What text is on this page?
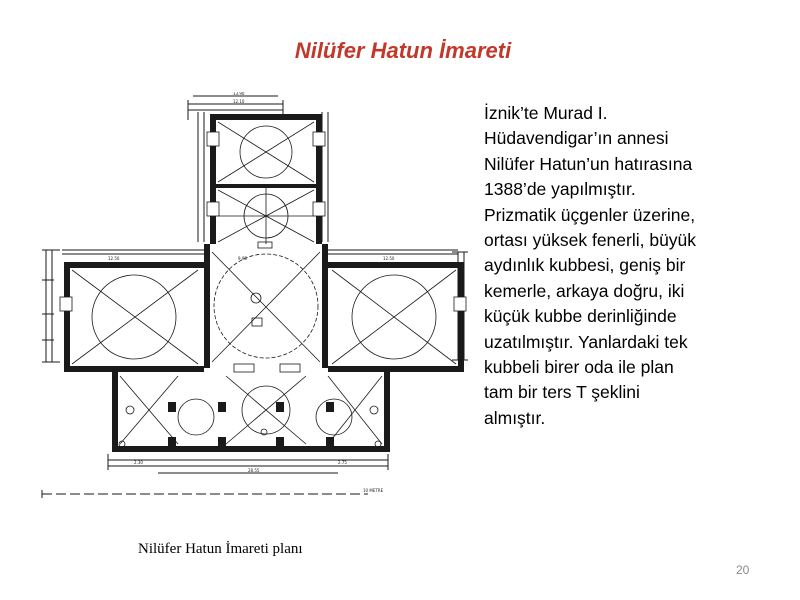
Nilüfer Hatun İmareti
13.90
12.10
9.95
12.50	12.50
28.55
2.30	2.75
10 METRE
İznik’te Murad I.
Hüdavendigar’ın annesi
Nilüfer Hatun’un hatırasına
1388’de yapılmıştır.
Prizmatik üçgenler üzerine,
ortası yüksek fenerli, büyük
aydınlık kubbesi, geniş bir
kemerle, arkaya doğru, iki
küçük kubbe derinliğinde
uzatılmıştır. Yanlardaki tek
kubbeli birer oda ile plan
tam bir ters T şeklini
almıştır.
Nilüfer Hatun İmareti planı
20
